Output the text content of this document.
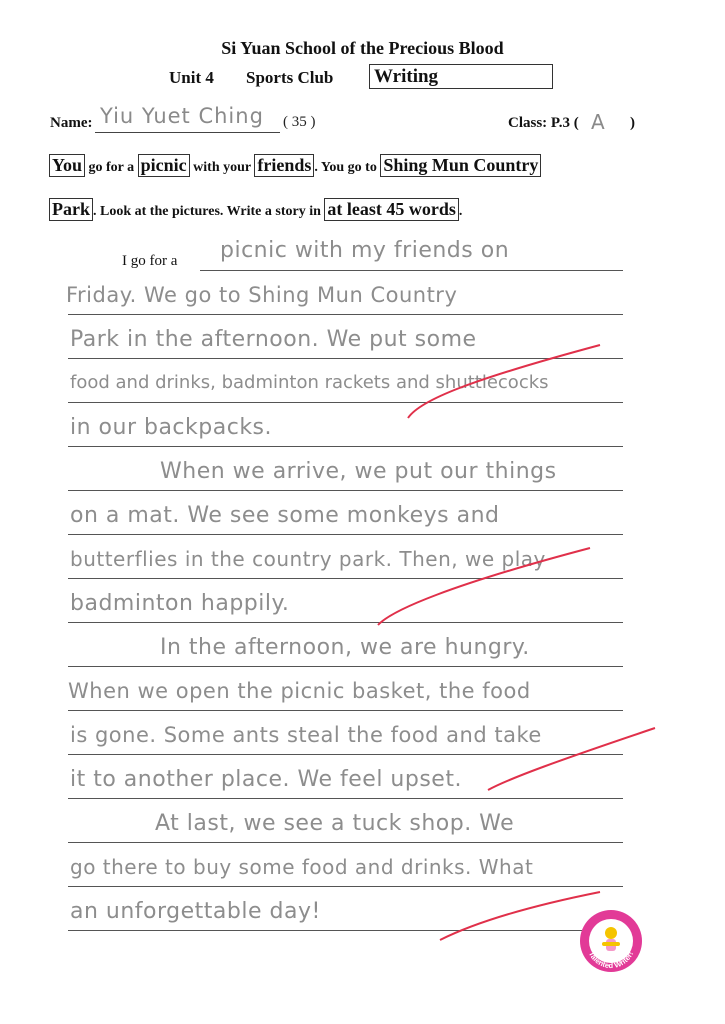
Si Yuan School of the Precious Blood
Unit 4 Sports Club Writing
Name: Yiu Yuet Ching ( 35 )	Class: P.3 ( A )
You go for a picnic with your friends . You go to Shing Mun Country
Park . Look at the pictures. Write a story in at least 45 words .
I go for a picnic with my friends on
Friday. We go to Shing Mun Country
Park in the afternoon. We put some
food and drinks, badminton rackets and shuttlecocks
in our backpacks.
When we arrive, we put our things
on a mat. We see some monkeys and
butterflies in the country park. Then, we play
badminton happily.
In the afternoon, we are hungry.
When we open the picnic basket, the food
is gone. Some ants steal the food and take
it to another place. We feel upset.
At last, we see a tuck shop. We
go there to buy some food and drinks. What
an unforgettable day!
Talented Writer!
